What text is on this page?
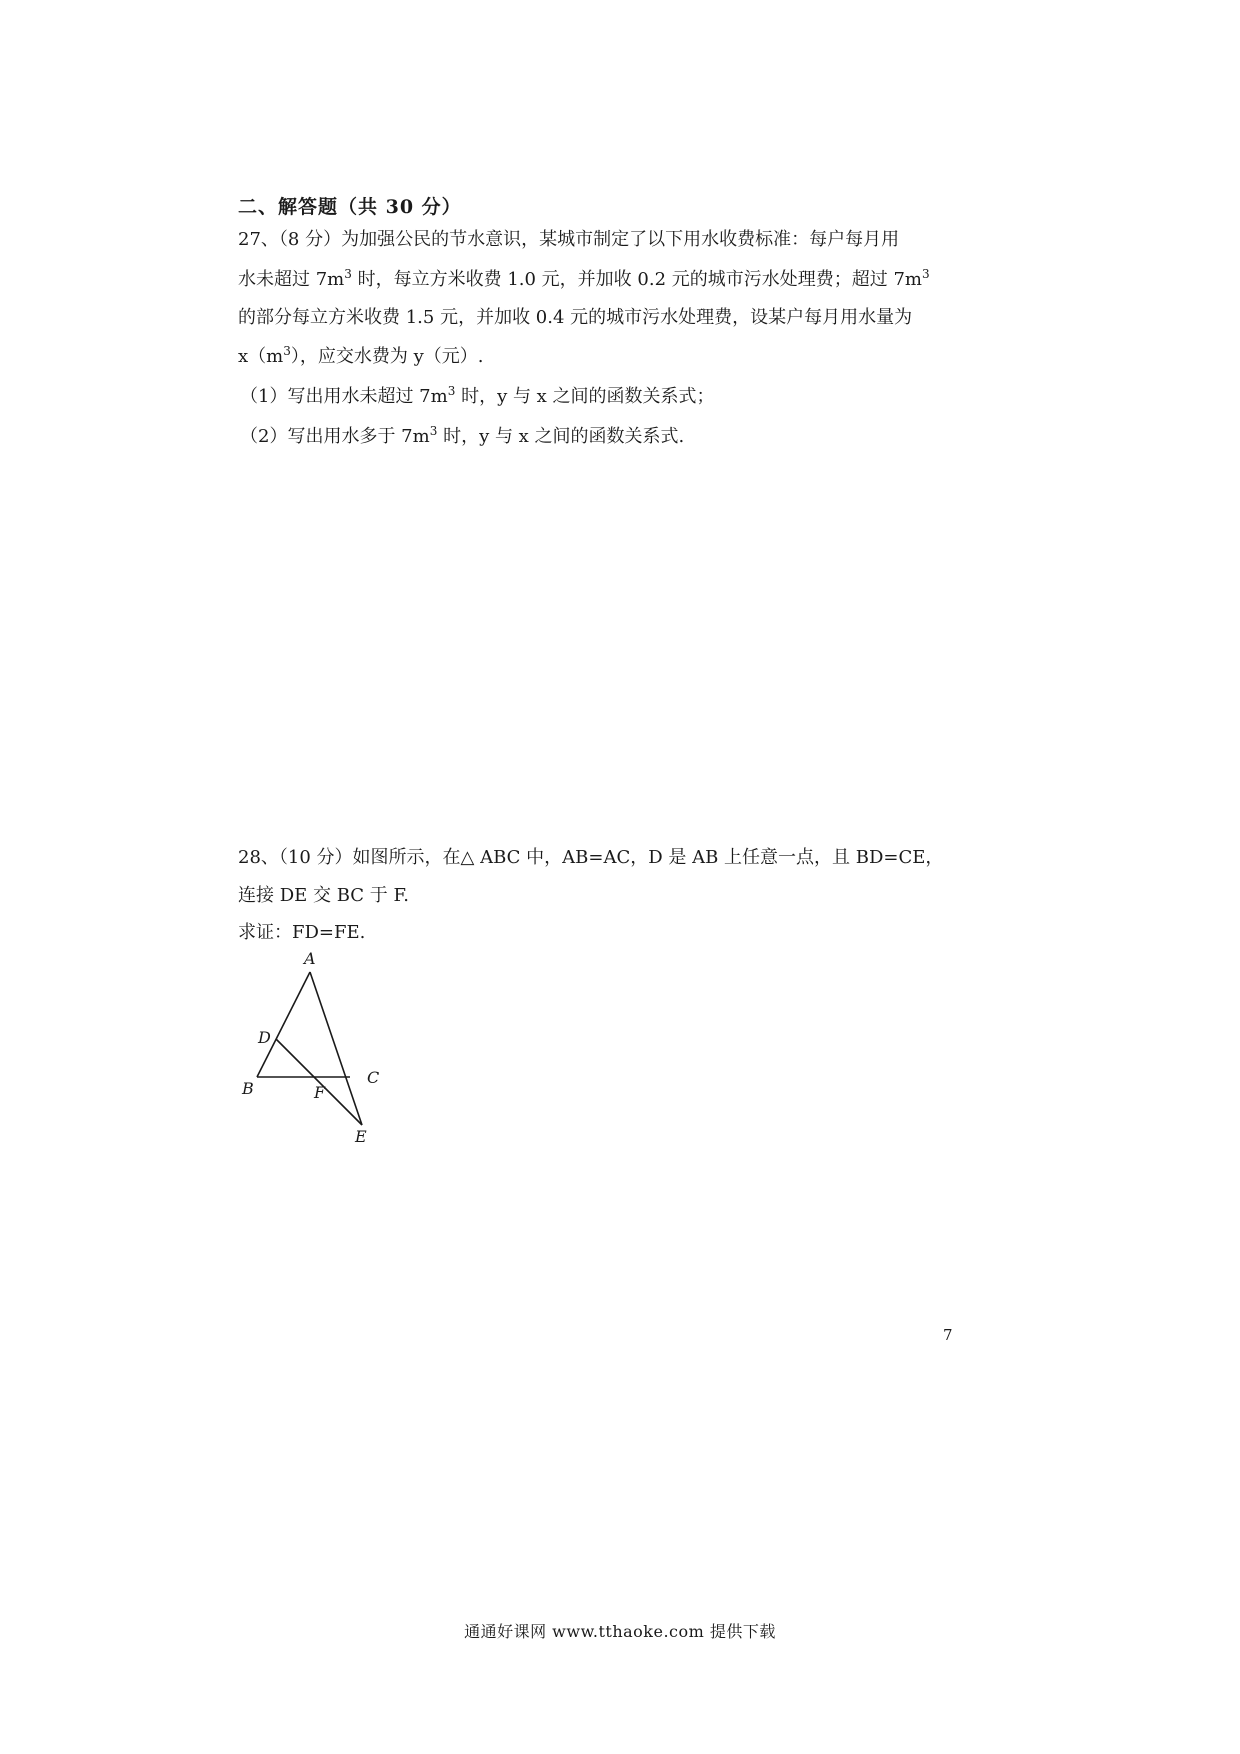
二、解答题（共 30 分）
27、（8 分）为加强公民的节水意识，某城市制定了以下用水收费标准：每户每月用
水未超过 $7m^3$ 时，每立方米收费 1.0 元，并加收 0.2 元的城市污水处理费；超过 $7m^3$
的部分每立方米收费 1.5 元，并加收 0.4 元的城市污水处理费，设某户每月用水量为
$x(m^3)$，应交水费为 y（元）.
（1）写出用水未超过 $7m^3$ 时，y 与 x 之间的函数关系式；
（2）写出用水多于 $7m^3$ 时，y 与 x 之间的函数关系式.
28、（10 分）如图所示，在△ ABC 中，AB=AC，D 是 AB 上任意一点，且 BD=CE，
连接 DE 交 BC 于 F.
求证：FD=FE.
A
D
B	F
C
E
7
通通好课网 www.tthaoke.com 提供下载
